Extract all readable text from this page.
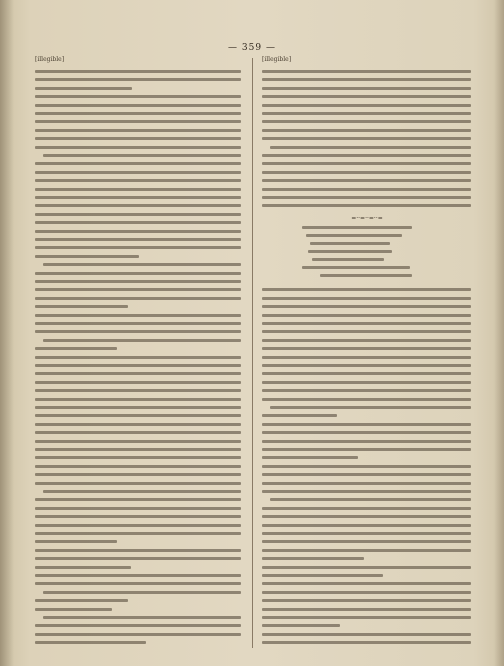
— 359 —
[illegible]	[illegible]
=··=··=··=
